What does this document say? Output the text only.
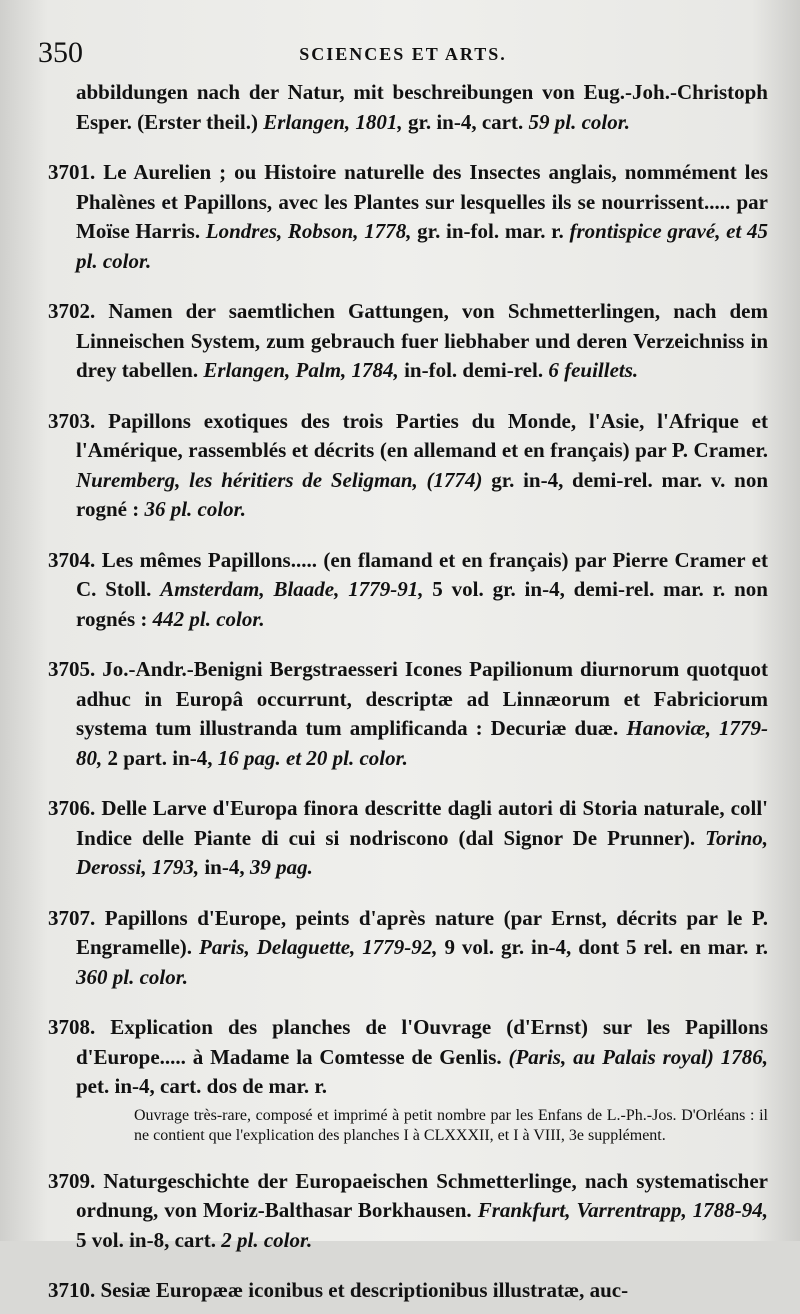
350	SCIENCES ET ARTS.

abbildungen nach der Natur, mit beschreibungen von Eug.-Joh.-Christoph Esper. (Erster theil.) Erlangen, 1801, gr. in-4, cart. 59 pl. color.

3701. Le Aurelien ; ou Histoire naturelle des Insectes anglais, nommément les Phalènes et Papillons, avec les Plantes sur lesquelles ils se nourrissent..... par Moïse Harris. Londres, Robson, 1778, gr. in-fol. mar. r. frontispice gravé, et 45 pl. color.

3702. Namen der saemtlichen Gattungen, von Schmetterlingen, nach dem Linneischen System, zum gebrauch fuer liebhaber und deren Verzeichniss in drey tabellen. Erlangen, Palm, 1784, in-fol. demi-rel. 6 feuillets.

3703. Papillons exotiques des trois Parties du Monde, l'Asie, l'Afrique et l'Amérique, rassemblés et décrits (en allemand et en français) par P. Cramer. Nuremberg, les héritiers de Seligman, (1774) gr. in-4, demi-rel. mar. v. non rogné : 36 pl. color.

3704. Les mêmes Papillons..... (en flamand et en français) par Pierre Cramer et C. Stoll. Amsterdam, Blaade, 1779-91, 5 vol. gr. in-4, demi-rel. mar. r. non rognés : 442 pl. color.

3705. Jo.-Andr.-Benigni Bergstraesseri Icones Papilionum diurnorum quotquot adhuc in Europâ occurrunt, descriptæ ad Linnæorum et Fabriciorum systema tum illustranda tum amplificanda : Decuriæ duæ. Hanoviæ, 1779-80, 2 part. in-4, 16 pag. et 20 pl. color.

3706. Delle Larve d'Europa finora descritte dagli autori di Storia naturale, coll' Indice delle Piante di cui si nodriscono (dal Signor De Prunner). Torino, Derossi, 1793, in-4, 39 pag.

3707. Papillons d'Europe, peints d'après nature (par Ernst, décrits par le P. Engramelle). Paris, Delaguette, 1779-92, 9 vol. gr. in-4, dont 5 rel. en mar. r. 360 pl. color.

3708. Explication des planches de l'Ouvrage (d'Ernst) sur les Papillons d'Europe..... à Madame la Comtesse de Genlis. (Paris, au Palais royal) 1786, pet. in-4, cart. dos de mar. r.

Ouvrage très-rare, composé et imprimé à petit nombre par les Enfans de L.-Ph.-Jos. D'Orléans : il ne contient que l'explication des planches I à CLXXXII, et I à VIII, 3e supplément.

3709. Naturgeschichte der Europaeischen Schmetterlinge, nach systematischer ordnung, von Moriz-Balthasar Borkhausen. Frankfurt, Varrentrapp, 1788-94, 5 vol. in-8, cart. 2 pl. color.

3710. Sesiæ Europææ iconibus et descriptionibus illustratæ, auc-
